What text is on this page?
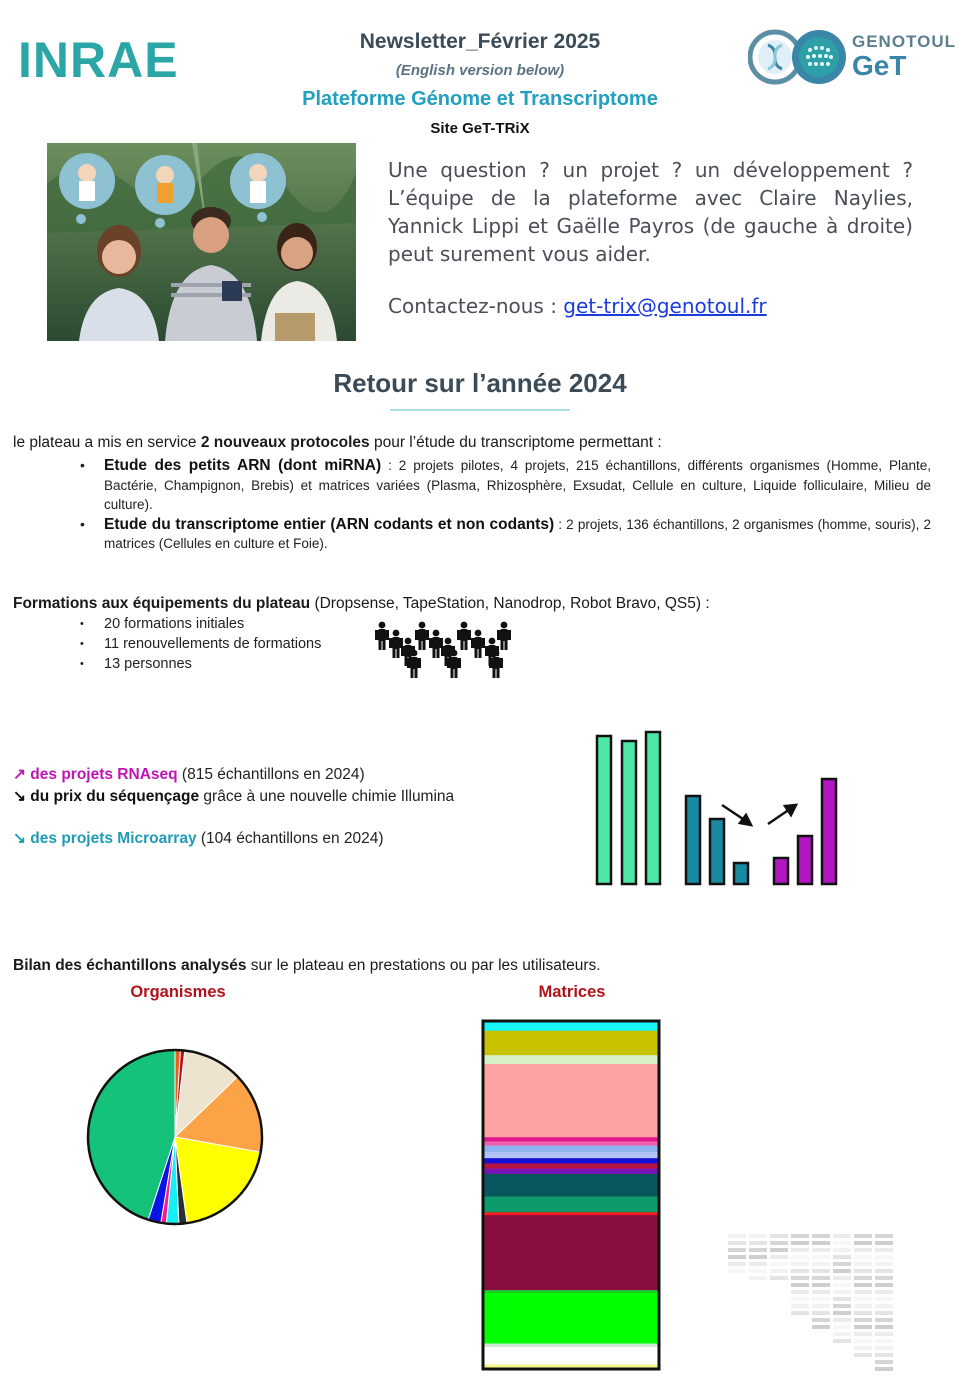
INRAE	Newsletter_Février 2025
(English version below)
Plateforme Génome et Transcriptome
Site GeT-TRiX
GENOTOUL
GeT
Une question ? un projet ? un développement ? L’équipe de la plateforme avec Claire Naylies, Yannick Lippi et Gaëlle Payros (de gauche à droite) peut surement vous aider.
Contactez-nous : get-trix@genotoul.fr
Retour sur l’année 2024
le plateau a mis en service 2 nouveaux protocoles pour l’étude du transcriptome permettant :
• Etude des petits ARN (dont miRNA) : 2 projets pilotes, 4 projets, 215 échantillons, différents organismes (Homme, Plante, Bactérie, Champignon, Brebis) et matrices variées (Plasma, Rhizosphère, Exsudat, Cellule en culture, Liquide folliculaire, Milieu de culture).
• Etude du transcriptome entier (ARN codants et non codants) : 2 projets, 136 échantillons, 2 organismes (homme, souris), 2 matrices (Cellules en culture et Foie).
Formations aux équipements du plateau (Dropsense, TapeStation, Nanodrop, Robot Bravo, QS5) :
• 20 formations initiales
• 11 renouvellements de formations
• 13 personnes
↗ des projets RNAseq (815 échantillons en 2024)
↘ du prix du séquençage grâce à une nouvelle chimie Illumina
↘ des projets Microarray (104 échantillons en 2024)
Bilan des échantillons analysés sur le plateau en prestations ou par les utilisateurs.
Organismes	Matrices
